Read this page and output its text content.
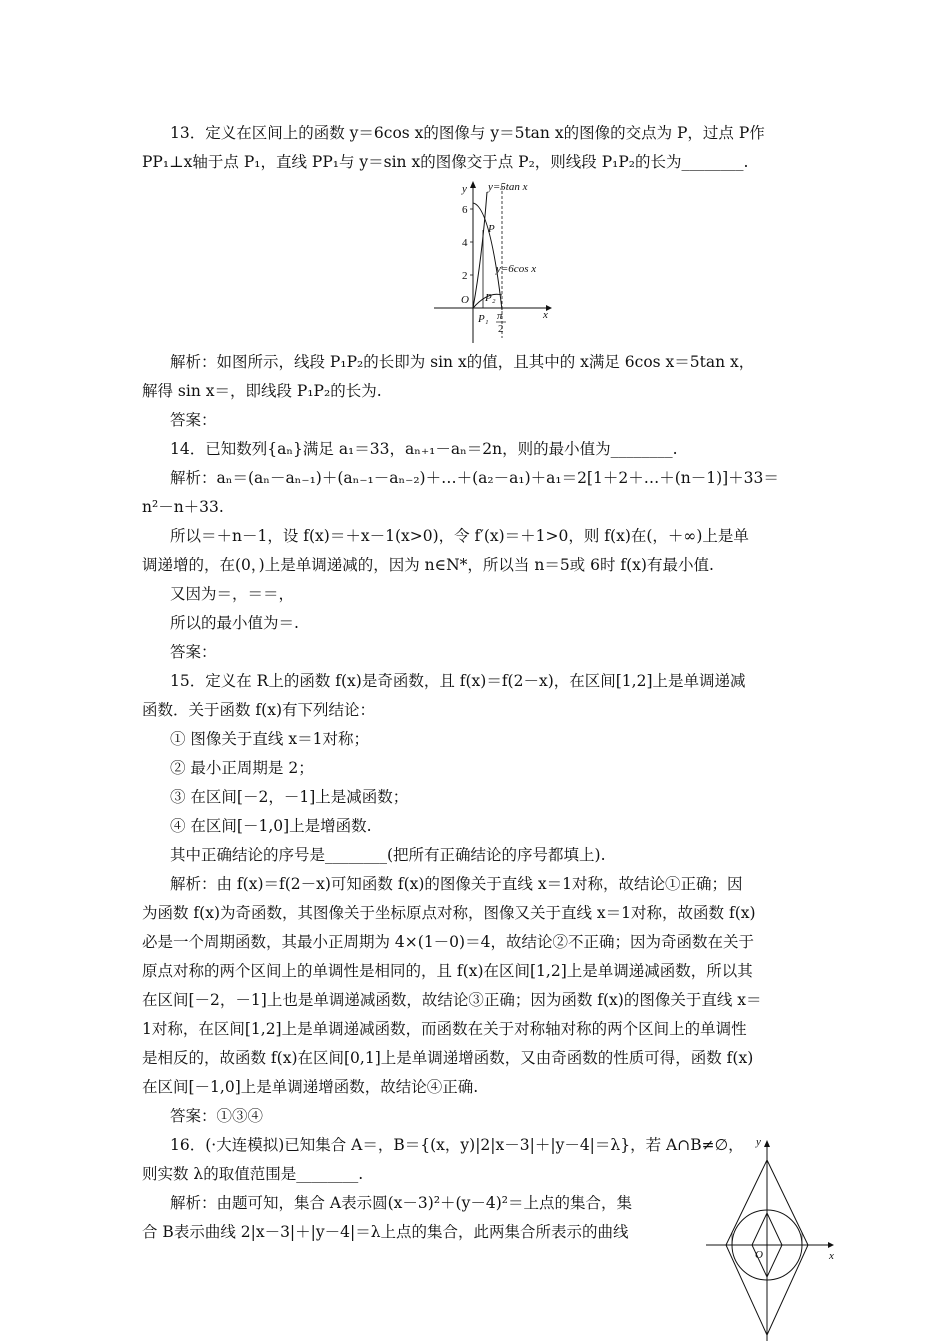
13．定义在区间上的函数 y＝6cos x的图像与 y＝5tan x的图像的交点为 P，过点 P作
PP₁⊥x轴于点 P₁，直线 PP₁与 y＝sin x的图像交于点 P₂，则线段 P₁P₂的长为________.
y
x
y=5tan x
y=6cos x
6
4
2
O
P
P₂
P₁ π
2
解析：如图所示，线段 P₁P₂的长即为 sin x的值，且其中的 x满足 6cos x＝5tan x，
解得 sin x＝，即线段 P₁P₂的长为.
答案：
14．已知数列{aₙ}满足 a₁＝33，aₙ₊₁－aₙ＝2n，则的最小值为________.
解析：aₙ＝(aₙ－aₙ₋₁)＋(aₙ₋₁－aₙ₋₂)＋…＋(a₂－a₁)＋a₁＝2[1＋2＋…＋(n－1)]＋33＝
n²－n＋33.
所以＝＋n－1，设 f(x)＝＋x－1(x>0)，令 f′(x)＝＋1>0，则 f(x)在(，＋∞)上是单
调递增的，在(0，)上是单调递减的，因为 n∈N*，所以当 n＝5或 6时 f(x)有最小值.
又因为＝，＝＝，
所以的最小值为＝.
答案：
15．定义在 R上的函数 f(x)是奇函数，且 f(x)＝f(2－x)，在区间[1,2]上是单调递减
函数．关于函数 f(x)有下列结论：
① 图像关于直线 x＝1对称；
② 最小正周期是 2；
③ 在区间[－2，－1]上是减函数；
④ 在区间[－1,0]上是增函数.
其中正确结论的序号是________(把所有正确结论的序号都填上).
解析：由 f(x)＝f(2－x)可知函数 f(x)的图像关于直线 x＝1对称，故结论①正确；因
为函数 f(x)为奇函数，其图像关于坐标原点对称，图像又关于直线 x＝1对称，故函数 f(x)
必是一个周期函数，其最小正周期为 4×(1－0)＝4，故结论②不正确；因为奇函数在关于
原点对称的两个区间上的单调性是相同的，且 f(x)在区间[1,2]上是单调递减函数，所以其
在区间[－2，－1]上也是单调递减函数，故结论③正确；因为函数 f(x)的图像关于直线 x＝
1对称，在区间[1,2]上是单调递减函数，而函数在关于对称轴对称的两个区间上的单调性
是相反的，故函数 f(x)在区间[0,1]上是单调递增函数，又由奇函数的性质可得，函数 f(x)
在区间[－1,0]上是单调递增函数，故结论④正确.
答案：①③④
16．(·大连模拟)已知集合 A＝，B＝{(x，y)|2|x－3|＋|y－4|＝λ}，若 A∩B≠∅，
则实数 λ的取值范围是________.
解析：由题可知，集合 A表示圆(x－3)²＋(y－4)²＝上点的集合，集
合 B表示曲线 2|x－3|＋|y－4|＝λ上点的集合，此两集合所表示的曲线
y
x
O
